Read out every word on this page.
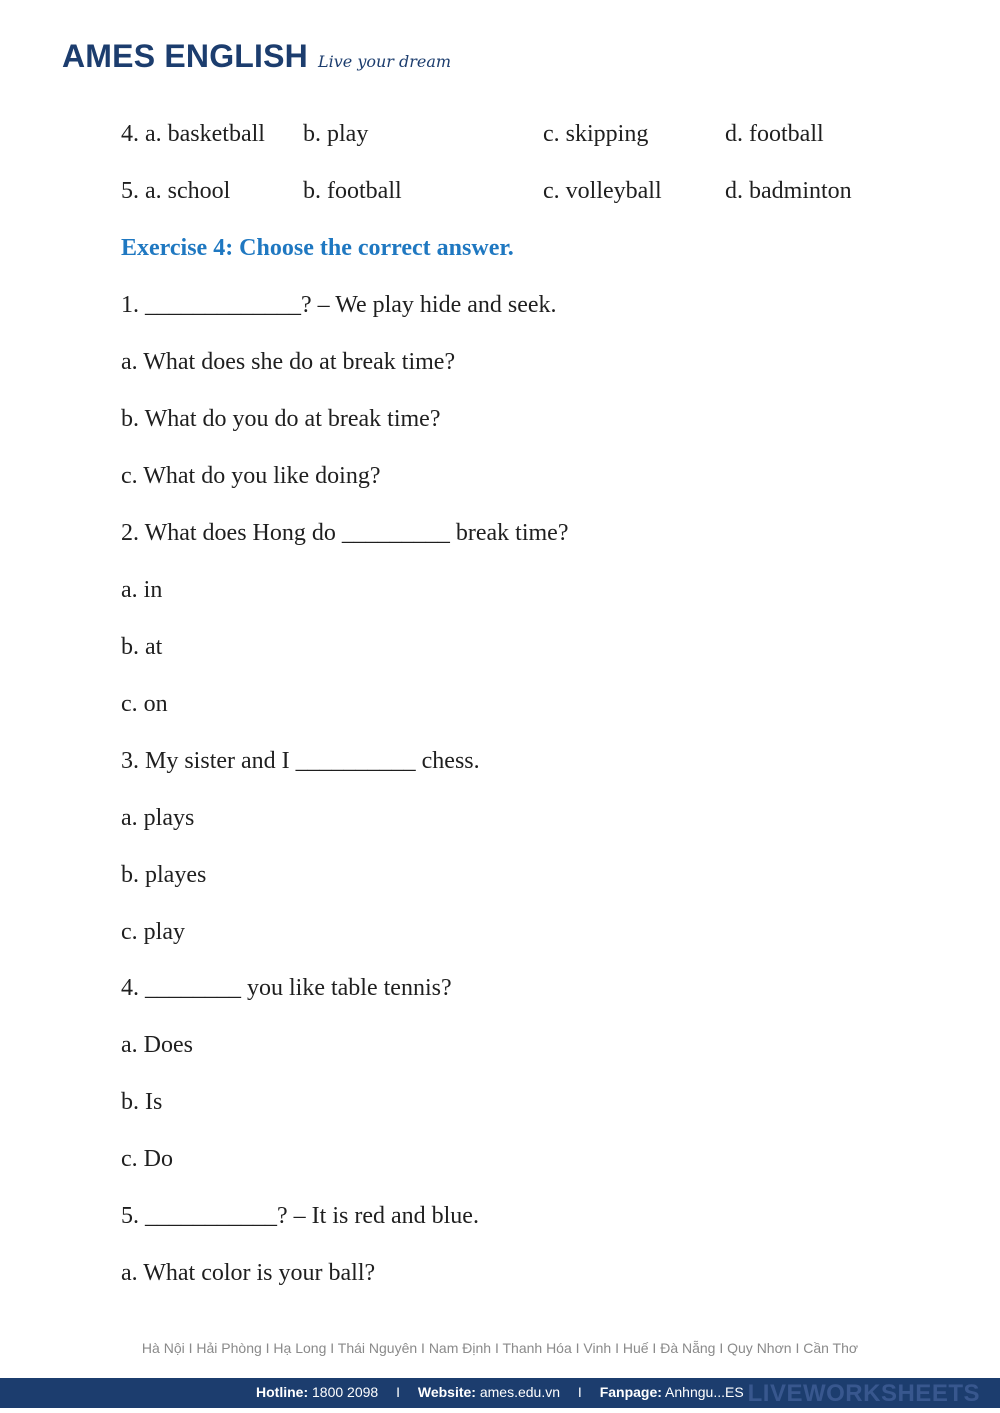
AMES ENGLISH Live your dream
4. a. basketball b. play	c. skipping	d. football
5. a. school	b. football	c. volleyball	d. badminton
Exercise 4: Choose the correct answer.
1. _____________? – We play hide and seek.
a. What does she do at break time?
b. What do you do at break time?
c. What do you like doing?
2. What does Hong do _________ break time?
a. in
b. at
c. on
3. My sister and I __________ chess.
a. plays
b. playes
c. play
4. ________ you like table tennis?
a. Does
b. Is
c. Do
5. ___________? – It is red and blue.
a. What color is your ball?
Hà Nội I Hải Phòng I Hạ Long I Thái Nguyên I Nam Định I Thanh Hóa I Vinh I Huế I Đà Nẵng I Quy Nhơn I Cần Thơ
Hotline: 1800 2098 I Website: ames.edu.vn I Fanpage: Anhngu...ES LIVEWORKSHEETS
